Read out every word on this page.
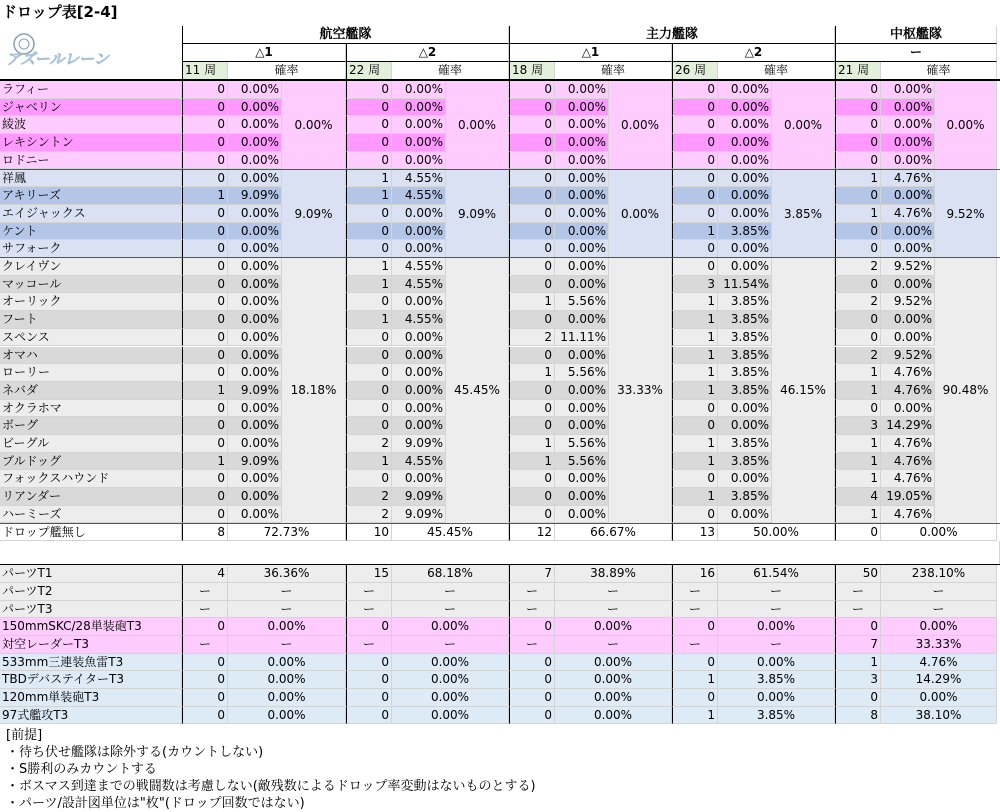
ドロップ表[2-4]
アズールレーン
航空艦隊	主力艦隊	中枢艦隊
△1
11 周	確率
△2
22 周	確率
△1
18 周	確率
△2
26 周	確率
ー
21 周	確率
ラフィー	0	0.00%	0	0.00%	0	0.00%	0	0.00%	0	0.00%
ジャベリン	0	0.00%	0	0.00%	0	0.00%	0	0.00%	0	0.00%
綾波	0	0.00%	0	0.00%	0	0.00%	0	0.00%	0	0.00%
レキシントン	0	0.00%	0	0.00%	0	0.00%	0	0.00%	0	0.00%
ロドニー	0	0.00%	0	0.00%	0	0.00%	0	0.00%	0	0.00%
0.00%	0.00%	0.00%	0.00%	0.00%
祥鳳	0	0.00%	1	4.55%	0	0.00%	0	0.00%	1	4.76%
アキリーズ	1	9.09%	1	4.55%	0	0.00%	0	0.00%	0	0.00%
エイジャックス	0	0.00%	0	0.00%	0	0.00%	0	0.00%	1	4.76%
ケント	0	0.00%	0	0.00%	0	0.00%	1	3.85%	0	0.00%
サフォーク	0	0.00%	0	0.00%	0	0.00%	0	0.00%	0	0.00%
9.09%	9.09%	0.00%	3.85%	9.52%
クレイヴン	0	0.00%	1	4.55%	0	0.00%	0	0.00%	2	9.52%
マッコール	0	0.00%	1	4.55%	0	0.00%	3 11.54%	0	0.00%
オーリック	0	0.00%	0	0.00%	1	5.56%	1	3.85%	2	9.52%
フート	0	0.00%	1	4.55%	0	0.00%	1	3.85%	0	0.00%
スペンス	0	0.00%	0	0.00%	2 11.11%	1	3.85%	0	0.00%
オマハ	0	0.00%	0	0.00%	0	0.00%	1	3.85%	2	9.52%
ローリー	0	0.00%	0	0.00%	1	5.56%	1	3.85%	1	4.76%
ネバダ	1	9.09%	0	0.00%	0	0.00%	1	3.85%	1	4.76%
オクラホマ	0	0.00%	0	0.00%	0	0.00%	0	0.00%	0	0.00%
ボーグ	0	0.00%	0	0.00%	0	0.00%	0	0.00%	3 14.29%
ビーグル	0	0.00%	2	9.09%	1	5.56%	1	3.85%	1	4.76%
ブルドッグ	1	9.09%	1	4.55%	1	5.56%	1	3.85%	1	4.76%
フォックスハウンド	0	0.00%	0	0.00%	0	0.00%	0	0.00%	1	4.76%
リアンダー	0	0.00%	2	9.09%	0	0.00%	1	3.85%	4 19.05%
ハーミーズ	0	0.00%	2	9.09%	0	0.00%	0	0.00%	1	4.76%
18.18%	45.45%	33.33%	46.15%	90.48%
ドロップ艦無し	8	72.73%	10	45.45%	12	66.67%	13	50.00%	0	0.00%
パーツT1	4	36.36%	15	68.18%	7	38.89%	16	61.54%	50	238.10%
パーツT2	ー	ー	ー	ー	ー	ー	ー	ー	ー	ー
パーツT3	ー	ー	ー	ー	ー	ー	ー	ー	ー	ー
150mmSKC/28単装砲T3	0	0.00%	0	0.00%	0	0.00%	0	0.00%	0	0.00%
対空レーダーT3	ー	ー	ー	ー	ー	ー	ー	ー	7	33.33%
533mm三連装魚雷T3	0	0.00%	0	0.00%	0	0.00%	0	0.00%	1	4.76%
TBDデバステイターT3	0	0.00%	0	0.00%	0	0.00%	1	3.85%	3	14.29%
120mm単装砲T3	0	0.00%	0	0.00%	0	0.00%	0	0.00%	0	0.00%
97式艦攻T3	0	0.00%	0	0.00%	0	0.00%	1	3.85%	8	38.10%
[前提]
・待ち伏せ艦隊は除外する(カウントしない)
・S勝利のみカウントする
・ボスマス到達までの戦闘数は考慮しない(敵残数によるドロップ率変動はないものとする)
・パーツ/設計図単位は"枚"(ドロップ回数ではない)
